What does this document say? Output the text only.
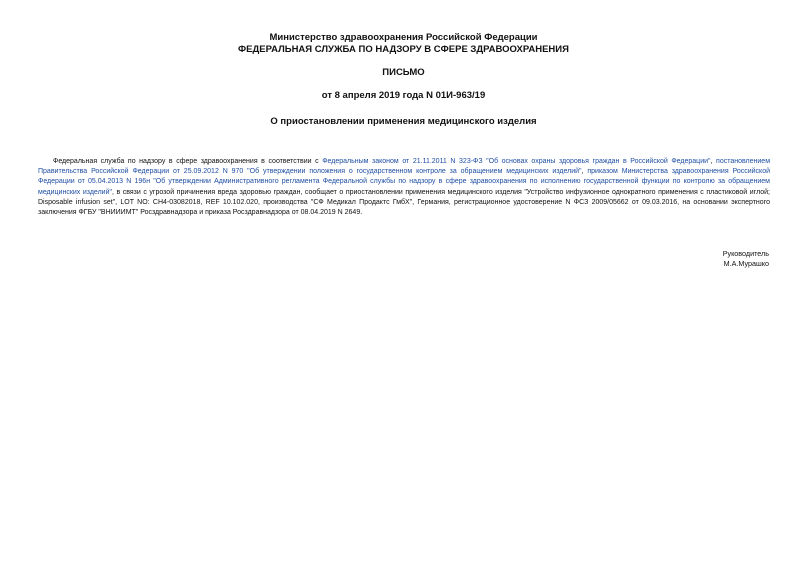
Министерство здравоохранения Российской Федерации
ФЕДЕРАЛЬНАЯ СЛУЖБА ПО НАДЗОРУ В СФЕРЕ ЗДРАВООХРАНЕНИЯ
ПИСЬМО
от 8 апреля 2019 года N 01И-963/19
О приостановлении применения медицинского изделия
Федеральная служба по надзору в сфере здравоохранения в соответствии с Федеральным законом от 21.11.2011 N 323-ФЗ "Об основах охраны здоровья граждан в Российской Федерации", постановлением Правительства Российской Федерации от 25.09.2012 N 970 "Об утверждении положения о государственном контроле за обращением медицинских изделий", приказом Министерства здравоохранения Российской Федерации от 05.04.2013 N 196н "Об утверждении Административного регламента Федеральной службы по надзору в сфере здравоохранения по исполнению государственной функции по контролю за обращением медицинских изделий", в связи с угрозой причинения вреда здоровью граждан, сообщает о приостановлении применения медицинского изделия "Устройство инфузионное однократного применения с пластиковой иглой; Disposable infusion set", LOT NO: CH4-03082018, REF 10.102.020, производства "СФ Медикал Продактс ГмбХ", Германия, регистрационное удостоверение N ФСЗ 2009/05662 от 09.03.2016, на основании экспертного заключения ФГБУ "ВНИИИМТ" Росздравнадзора и приказа Росздравнадзора от 08.04.2019 N 2649.
Руководитель
М.А.Мурашко
